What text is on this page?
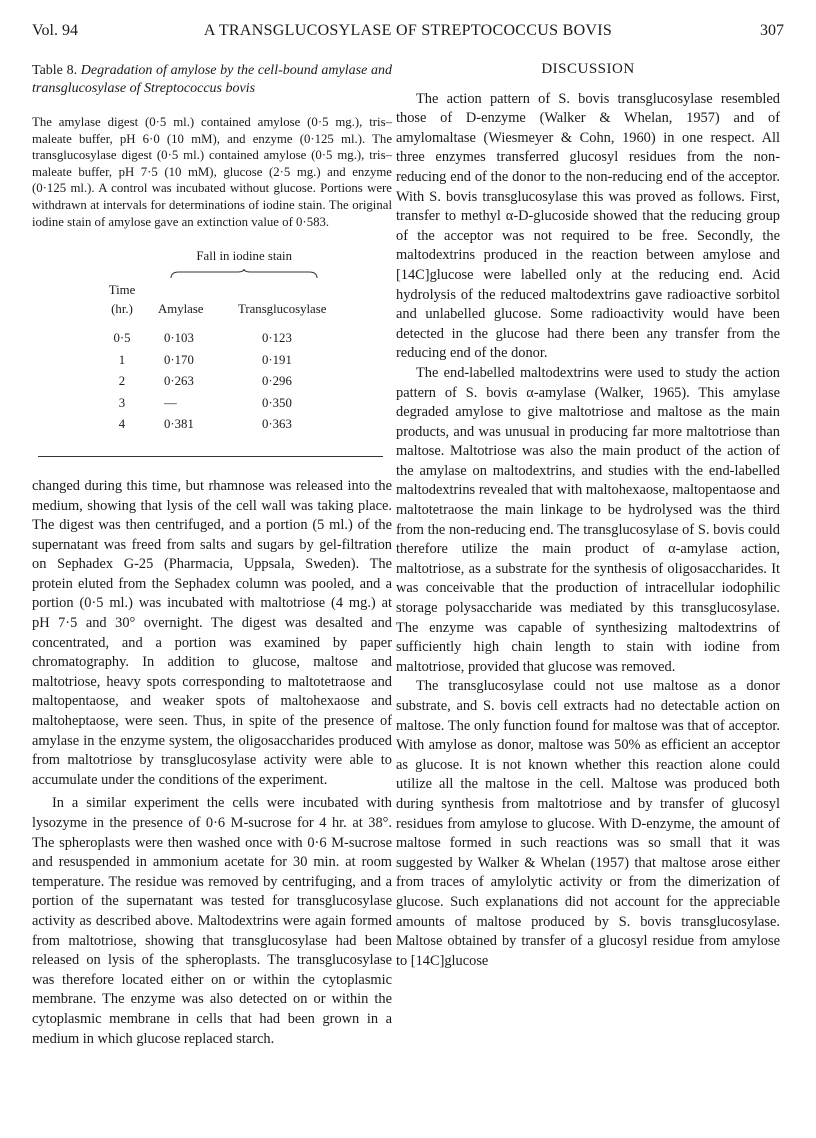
Vol. 94	A TRANSGLUCOSYLASE OF STREPTOCOCCUS BOVIS	307
Table 8. Degradation of amylose by the cell-bound amylase and transglucosylase of Streptococcus bovis
The amylase digest (0·5 ml.) contained amylose (0·5 mg.), tris–maleate buffer, pH 6·0 (10 mM), and enzyme (0·125 ml.). The transglucosylase digest (0·5 ml.) contained amylose (0·5 mg.), tris–maleate buffer, pH 7·5 (10 mM), glucose (2·5 mg.) and enzyme (0·125 ml.). A control was incubated without glucose. Portions were withdrawn at intervals for determinations of iodine stain. The original iodine stain of amylose gave an extinction value of 0·583.
	Fall in iodine stain	

Time
(hr.)	Amylase	Transglucosylase
0·5	0·103	0·123
1	0·170	0·191
2	0·263	0·296
3	—	0·350
4	0·381	0·363

changed during this time, but rhamnose was released into the medium, showing that lysis of the cell wall was taking place. The digest was then centrifuged, and a portion (5 ml.) of the supernatant was freed from salts and sugars by gel-filtration on Sephadex G-25 (Pharmacia, Uppsala, Sweden). The protein eluted from the Sephadex column was pooled, and a portion (0·5 ml.) was incubated with maltotriose (4 mg.) at pH 7·5 and 30° overnight. The digest was desalted and concentrated, and a portion was examined by paper chromatography. In addition to glucose, maltose and maltotriose, heavy spots corresponding to maltotetraose and maltopentaose, and weaker spots of maltohexaose and maltoheptaose, were seen. Thus, in spite of the presence of amylase in the enzyme system, the oligosaccharides produced from maltotriose by transglucosylase activity were able to accumulate under the conditions of the experiment.

In a similar experiment the cells were incubated with lysozyme in the presence of 0·6 M-sucrose for 4 hr. at 38°. The spheroplasts were then washed once with 0·6 M-sucrose and resuspended in ammonium acetate for 30 min. at room temperature. The residue was removed by centrifuging, and a portion of the supernatant was tested for transglucosylase activity as described above. Maltodextrins were again formed from maltotriose, showing that transglucosylase had been released on lysis of the spheroplasts. The transglucosylase was therefore located either on or within the cytoplasmic membrane. The enzyme was also detected on or within the cytoplasmic membrane in cells that had been grown in a medium in which glucose replaced starch.

DISCUSSION

The action pattern of S. bovis transglucosylase resembled those of D-enzyme (Walker & Whelan, 1957) and of amylomaltase (Wiesmeyer & Cohn, 1960) in one respect. All three enzymes transferred glucosyl residues from the non-reducing end of the donor to the non-reducing end of the acceptor. With S. bovis transglucosylase this was proved as follows. First, transfer to methyl α-D-glucoside showed that the reducing group of the acceptor was not required to be free. Secondly, the maltodextrins produced in the reaction between amylose and [14C]glucose were labelled only at the reducing end. Acid hydrolysis of the reduced maltodextrins gave radioactive sorbitol and unlabelled glucose. Some radioactivity would have been detected in the glucose had there been any transfer from the reducing end of the donor.

The end-labelled maltodextrins were used to study the action pattern of S. bovis α-amylase (Walker, 1965). This amylase degraded amylose to give maltotriose and maltose as the main products, and was unusual in producing far more maltotriose than maltose. Maltotriose was also the main product of the action of the amylase on maltodextrins, and studies with the end-labelled maltodextrins revealed that with maltohexaose, maltopentaose and maltotetraose the main linkage to be hydrolysed was the third from the non-reducing end. The transglucosylase of S. bovis could therefore utilize the main product of α-amylase action, maltotriose, as a substrate for the synthesis of oligosaccharides. It was conceivable that the production of intracellular iodophilic storage polysaccharide was mediated by this transglucosylase. The enzyme was capable of synthesizing maltodextrins of sufficiently high chain length to stain with iodine from maltotriose, provided that glucose was removed.

The transglucosylase could not use maltose as a donor substrate, and S. bovis cell extracts had no detectable action on maltose. The only function found for maltose was that of acceptor. With amylose as donor, maltose was 50% as efficient an acceptor as glucose. It is not known whether this reaction alone could utilize all the maltose in the cell. Maltose was produced both during synthesis from maltotriose and by transfer of glucosyl residues from amylose to glucose. With D-enzyme, the amount of maltose formed in such reactions was so small that it was suggested by Walker & Whelan (1957) that maltose arose either from traces of amylolytic activity or from the dimerization of glucose. Such explanations did not account for the appreciable amounts of maltose produced by S. bovis transglucosylase. Maltose obtained by transfer of a glucosyl residue from amylose to [14C]glucose
